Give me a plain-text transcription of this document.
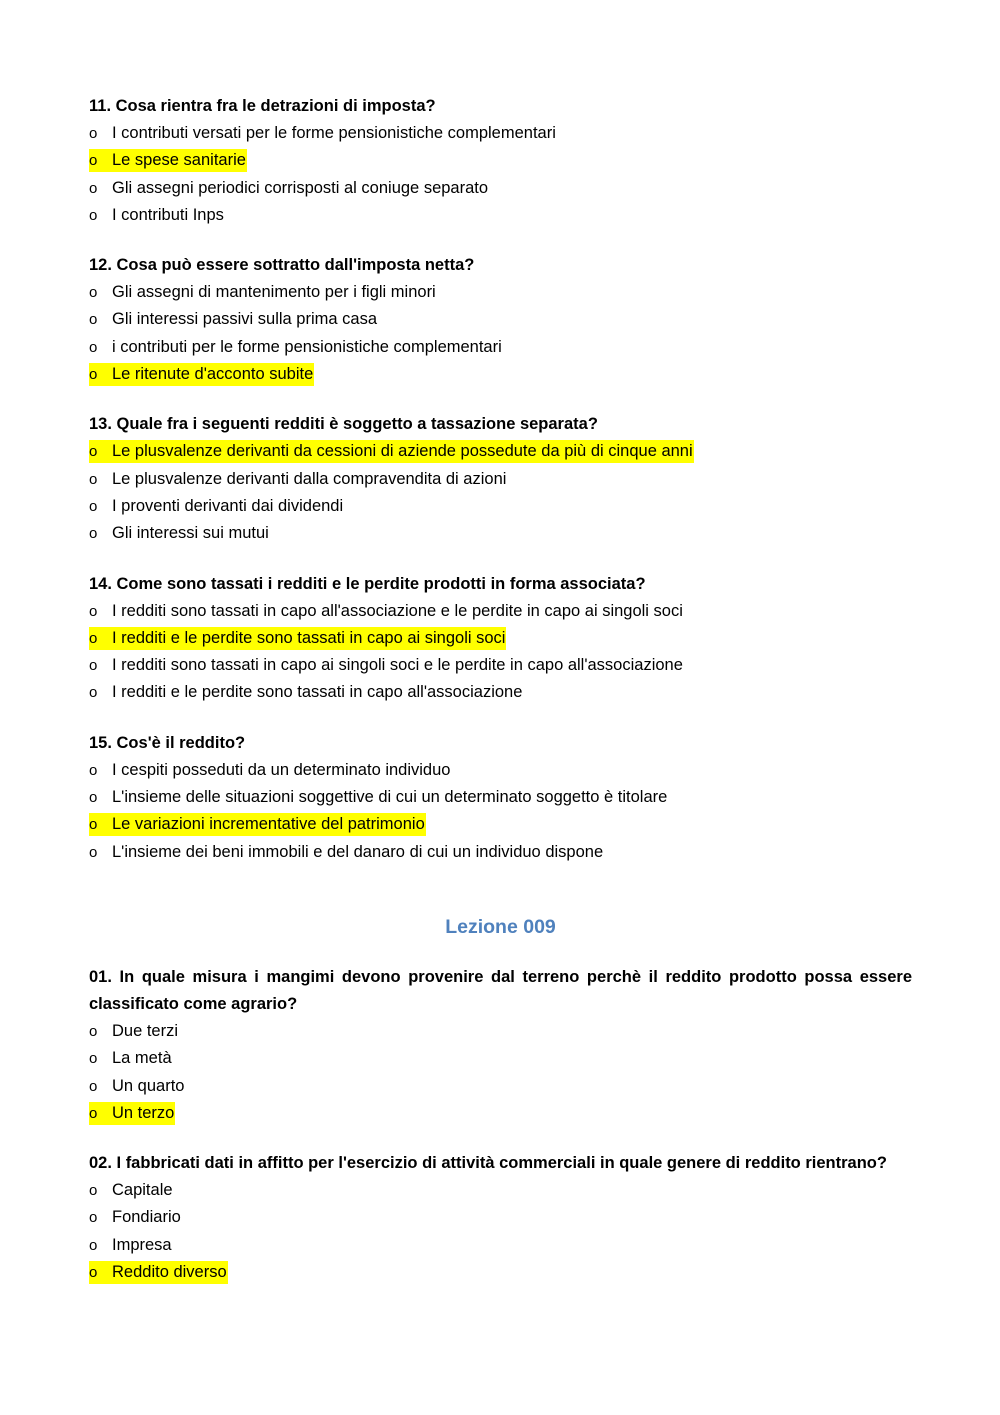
11. Cosa rientra fra le detrazioni di imposta?

o I contributi versati per le forme pensionistiche complementari
o Le spese sanitarie
o Gli assegni periodici corrisposti al coniuge separato
o I contributi Inps

12. Cosa può essere sottratto dall'imposta netta?

o Gli assegni di mantenimento per i figli minori
o Gli interessi passivi sulla prima casa
o i contributi per le forme pensionistiche complementari
o Le ritenute d'acconto subite

13. Quale fra i seguenti redditi è soggetto a tassazione separata?

o Le plusvalenze derivanti da cessioni di aziende possedute da più di cinque anni
o Le plusvalenze derivanti dalla compravendita di azioni
o I proventi derivanti dai dividendi
o Gli interessi sui mutui

14. Come sono tassati i redditi e le perdite prodotti in forma associata?

o I redditi sono tassati in capo all'associazione e le perdite in capo ai singoli soci
o I redditi e le perdite sono tassati in capo ai singoli soci
o I redditi sono tassati in capo ai singoli soci e le perdite in capo all'associazione
o I redditi e le perdite sono tassati in capo all'associazione

15. Cos'è il reddito?

o I cespiti posseduti da un determinato individuo
o L'insieme delle situazioni soggettive di cui un determinato soggetto è titolare
o Le variazioni incrementative del patrimonio
o L'insieme dei beni immobili e del danaro di cui un individuo dispone
Lezione 009

01. In quale misura i mangimi devono provenire dal terreno perchè il reddito prodotto possa essere classificato come agrario?

o Due terzi
o La metà
o Un quarto
o Un terzo

02. I fabbricati dati in affitto per l'esercizio di attività commerciali in quale genere di reddito rientrano?

o Capitale
o Fondiario
o Impresa
o Reddito diverso
